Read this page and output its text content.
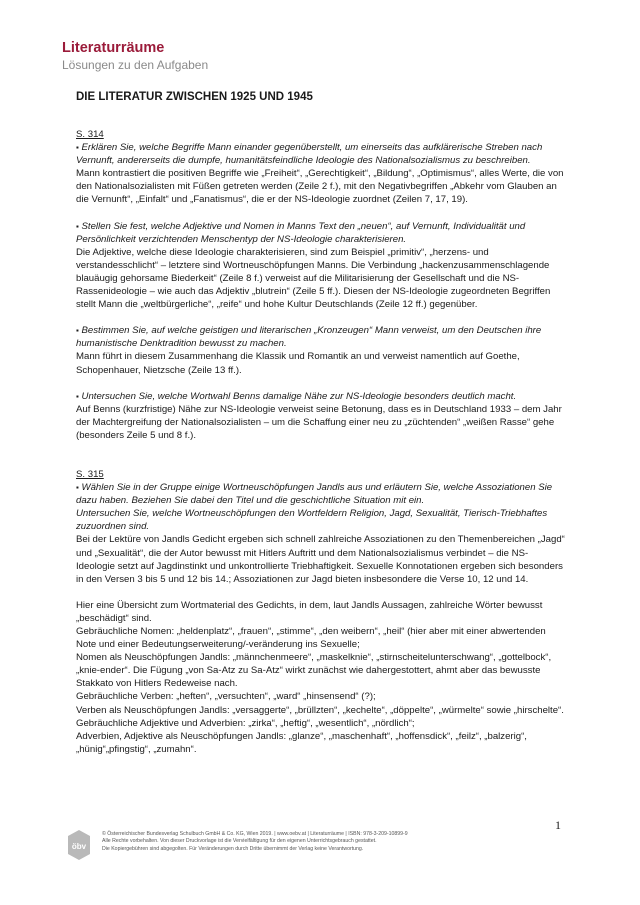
Literaturräume
Lösungen zu den Aufgaben
DIE LITERATUR ZWISCHEN 1925 UND 1945

S. 314

▪ Erklären Sie, welche Begriffe Mann einander gegenüberstellt, um einerseits das aufklärerische Streben nach Vernunft, andererseits die dumpfe, humanitätsfeindliche Ideologie des Nationalsozialismus zu beschreiben.

Mann kontrastiert die positiven Begriffe wie „Freiheit“, „Gerechtigkeit“, „Bildung“, „Optimismus“, alles Werte, die von den Nationalsozialisten mit Füßen getreten werden (Zeile 2 f.), mit den Negativbegriffen „Abkehr vom Glauben an die Vernunft“, „Einfalt“ und „Fanatismus“, die er der NS-Ideologie zuordnet (Zeilen 7, 17, 19).

▪ Stellen Sie fest, welche Adjektive und Nomen in Manns Text den „neuen“, auf Vernunft, Individualität und Persönlichkeit verzichtenden Menschentyp der NS-Ideologie charakterisieren.

Die Adjektive, welche diese Ideologie charakterisieren, sind zum Beispiel „primitiv“, „herzens- und verstandesschlicht“ – letztere sind Wortneuschöpfungen Manns. Die Verbindung „hackenzusammenschlagende blauäugig gehorsame Biederkeit“ (Zeile 8 f.) verweist auf die Militarisierung der Gesellschaft und die NS-Rassenideologie – wie auch das Adjektiv „blutrein“ (Zeile 5 ff.). Diesen der NS-Ideologie zugeordneten Begriffen stellt Mann die „weltbürgerliche“, „reife“ und hohe Kultur Deutschlands (Zeile 12 ff.) gegenüber.

▪ Bestimmen Sie, auf welche geistigen und literarischen „Kronzeugen“ Mann verweist, um den Deutschen ihre humanistische Denktradition bewusst zu machen.

Mann führt in diesem Zusammenhang die Klassik und Romantik an und verweist namentlich auf Goethe, Schopenhauer, Nietzsche (Zeile 13 ff.).

▪ Untersuchen Sie, welche Wortwahl Benns damalige Nähe zur NS-Ideologie besonders deutlich macht.

Auf Benns (kurzfristige) Nähe zur NS-Ideologie verweist seine Betonung, dass es in Deutschland 1933 – dem Jahr der Machtergreifung der Nationalsozialisten – um die Schaffung einer neu zu „züchtenden“ „weißen Rasse“ gehe (besonders Zeile 5 und 8 f.).

S. 315

▪ Wählen Sie in der Gruppe einige Wortneuschöpfungen Jandls aus und erläutern Sie, welche Assoziationen Sie dazu haben. Beziehen Sie dabei den Titel und die geschichtliche Situation mit ein.

Untersuchen Sie, welche Wortneuschöpfungen den Wortfeldern Religion, Jagd, Sexualität, Tierisch-Triebhaftes zuzuordnen sind.

Bei der Lektüre von Jandls Gedicht ergeben sich schnell zahlreiche Assoziationen zu den Themenbereichen „Jagd“ und „Sexualität“, die der Autor bewusst mit Hitlers Auftritt und dem Nationalsozialismus verbindet – die NS-Ideologie setzt auf Jagdinstinkt und unkontrollierte Triebhaftigkeit. Sexuelle Konnotationen ergeben sich besonders in den Versen 3 bis 5 und 12 bis 14.; Assoziationen zur Jagd bieten insbesondere die Verse 10, 12 und 14.

Hier eine Übersicht zum Wortmaterial des Gedichts, in dem, laut Jandls Aussagen, zahlreiche Wörter bewusst „beschädigt“ sind.

Gebräuchliche Nomen: „heldenplatz“, „frauen“, „stimme“, „den weibern“, „heil“ (hier aber mit einer abwertenden Note und einer Bedeutungserweiterung/-veränderung ins Sexuelle;

Nomen als Neuschöpfungen Jandls: „männchenmeere“, „maskelknie“, „stirnscheitelunterschwang“, „gottelbock“, „knie-ender“. Die Fügung „von Sa-Atz zu Sa-Atz“ wirkt zunächst wie dahergestottert, ahmt aber das bewusste Stakkato von Hitlers Redeweise nach.

Gebräuchliche Verben: „heften“, „versuchten“, „ward“ „hinsensend“ (?);

Verben als Neuschöpfungen Jandls: „versaggerte“, „brüllzten“, „kechelte“, „döppelte“, „würmelte“ sowie „hirschelte“.

Gebräuchliche Adjektive und Adverbien: „zirka“, „heftig“, „wesentlich“, „nördlich“;

Adverbien, Adjektive als Neuschöpfungen Jandls: „glanze“, „maschenhaft“, „hoffensdick“, „feilz“, „balzerig“, „hünig“„pfingstig“, „zumahn“.

1
öbv
© Österreichischer Bundesverlag Schulbuch GmbH & Co. KG, Wien 2019. | www.oebv.at | Literaturräume | ISBN: 978-3-209-10899-9
Alle Rechte vorbehalten. Von dieser Druckvorlage ist die Vervielfältigung für den eigenen Unterrichtsgebrauch gestattet.
Die Kopiergebühren sind abgegolten. Für Veränderungen durch Dritte übernimmt der Verlag keine Verantwortung.
